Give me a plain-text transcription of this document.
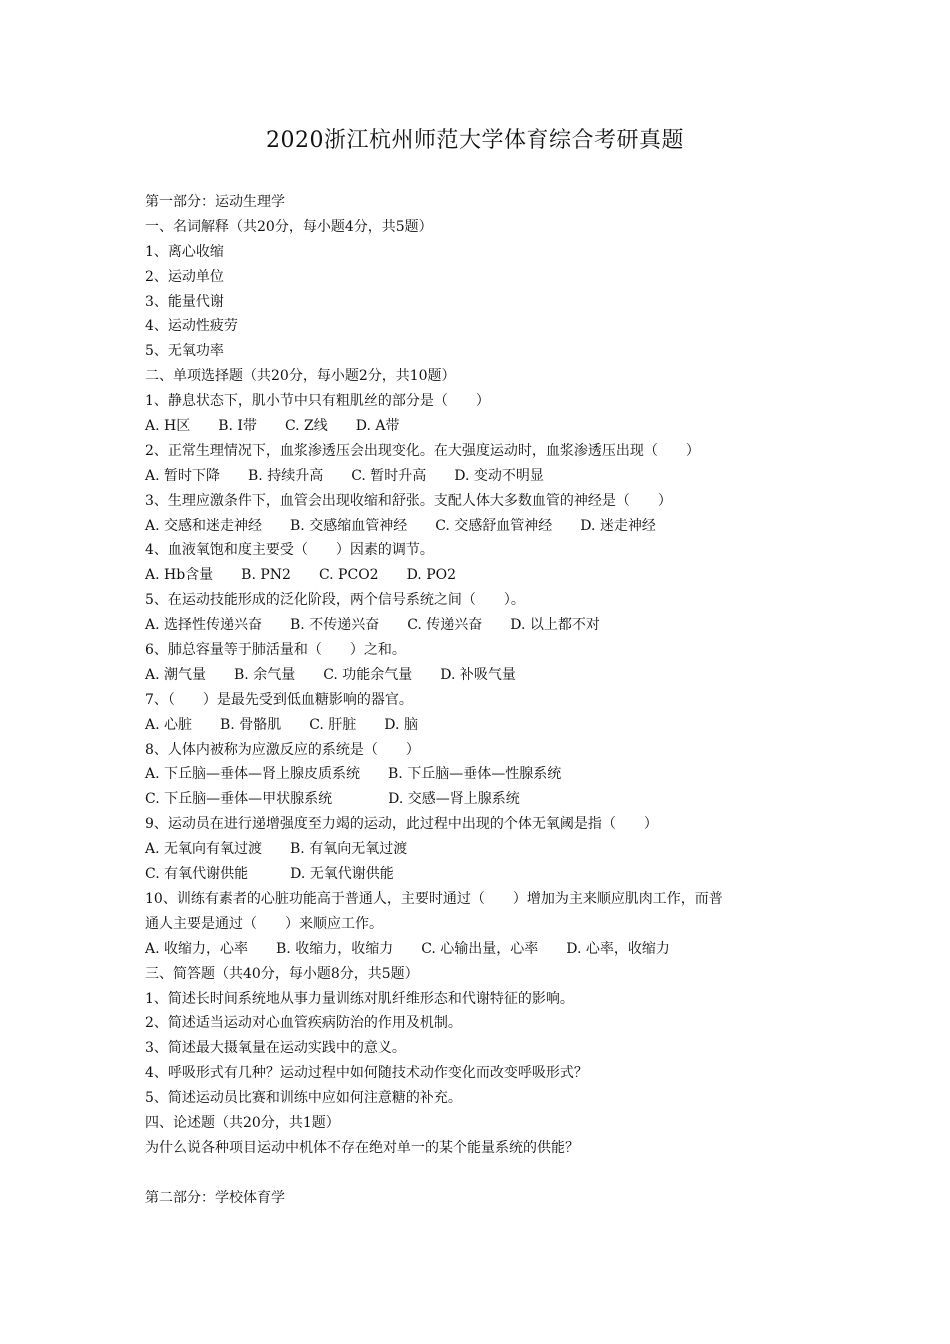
2020浙江杭州师范大学体育综合考研真题
第一部分：运动生理学
一、名词解释（共20分，每小题4分，共5题）
1、离心收缩
2、运动单位
3、能量代谢
4、运动性疲劳
5、无氧功率
二、单项选择题（共20分，每小题2分，共10题）
1、静息状态下，肌小节中只有粗肌丝的部分是（　　）
A. H区　　B. I带　　C. Z线　　D. A带
2、正常生理情况下，血浆渗透压会出现变化。在大强度运动时，血浆渗透压出现（　　）
A. 暂时下降　　B. 持续升高　　C. 暂时升高　　D. 变动不明显
3、生理应激条件下，血管会出现收缩和舒张。支配人体大多数血管的神经是（　　）
A. 交感和迷走神经　　B. 交感缩血管神经　　C. 交感舒血管神经　　D. 迷走神经
4、血液氧饱和度主要受（　　）因素的调节。
A. Hb含量　　B. PN2　　C. PCO2　　D. PO2
5、在运动技能形成的泛化阶段，两个信号系统之间（　　）。
A. 选择性传递兴奋　　B. 不传递兴奋　　C. 传递兴奋　　D. 以上都不对
6、肺总容量等于肺活量和（　　）之和。
A. 潮气量　　B. 余气量　　C. 功能余气量　　D. 补吸气量
7、（　　）是最先受到低血糖影响的器官。
A. 心脏　　B. 骨骼肌　　C. 肝脏　　D. 脑
8、人体内被称为应激反应的系统是（　　）
A. 下丘脑—垂体—肾上腺皮质系统　　B. 下丘脑—垂体—性腺系统
C. 下丘脑—垂体—甲状腺系统　　　　D. 交感—肾上腺系统
9、运动员在进行递增强度至力竭的运动，此过程中出现的个体无氧阈是指（　　）
A. 无氧向有氧过渡　　B. 有氧向无氧过渡
C. 有氧代谢供能　　　D. 无氧代谢供能
10、训练有素者的心脏功能高于普通人，主要时通过（　　）增加为主来顺应肌肉工作，而普
通人主要是通过（　　）来顺应工作。
A. 收缩力，心率　　B. 收缩力，收缩力　　C. 心输出量，心率　　D. 心率，收缩力
三、简答题（共40分，每小题8分，共5题）
1、简述长时间系统地从事力量训练对肌纤维形态和代谢特征的影响。
2、简述适当运动对心血管疾病防治的作用及机制。
3、简述最大摄氧量在运动实践中的意义。
4、呼吸形式有几种？运动过程中如何随技术动作变化而改变呼吸形式？
5、简述运动员比赛和训练中应如何注意糖的补充。
四、论述题（共20分，共1题）
为什么说各种项目运动中机体不存在绝对单一的某个能量系统的供能？
第二部分：学校体育学
